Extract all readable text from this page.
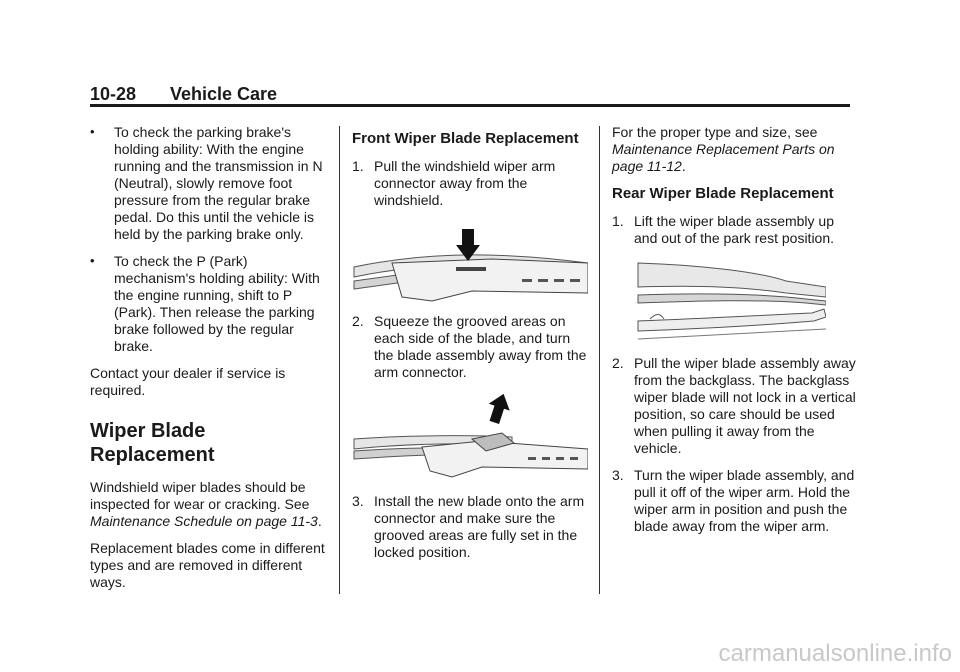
10-28 Vehicle Care
• To check the parking brake's holding ability: With the engine running and the transmission in N (Neutral), slowly remove foot pressure from the regular brake pedal. Do this until the vehicle is held by the parking brake only.
• To check the P (Park) mechanism's holding ability: With the engine running, shift to P (Park). Then release the parking brake followed by the regular brake.

Contact your dealer if service is required.

Wiper Blade Replacement

Windshield wiper blades should be inspected for wear or cracking. See Maintenance Schedule on page 11-3.

Replacement blades come in different types and are removed in different ways.

Front Wiper Blade Replacement
1. Pull the windshield wiper arm connector away from the windshield.
2. Squeeze the grooved areas on each side of the blade, and turn the blade assembly away from the arm connector.
3. Install the new blade onto the arm connector and make sure the grooved areas are fully set in the locked position.

For the proper type and size, see Maintenance Replacement Parts on page 11-12.

Rear Wiper Blade Replacement
1. Lift the wiper blade assembly up and out of the park rest position.
2. Pull the wiper blade assembly away from the backglass. The backglass wiper blade will not lock in a vertical position, so care should be used when pulling it away from the vehicle.
3. Turn the wiper blade assembly, and pull it off of the wiper arm. Hold the wiper arm in position and push the blade away from the wiper arm.
carmanualsonline.info
